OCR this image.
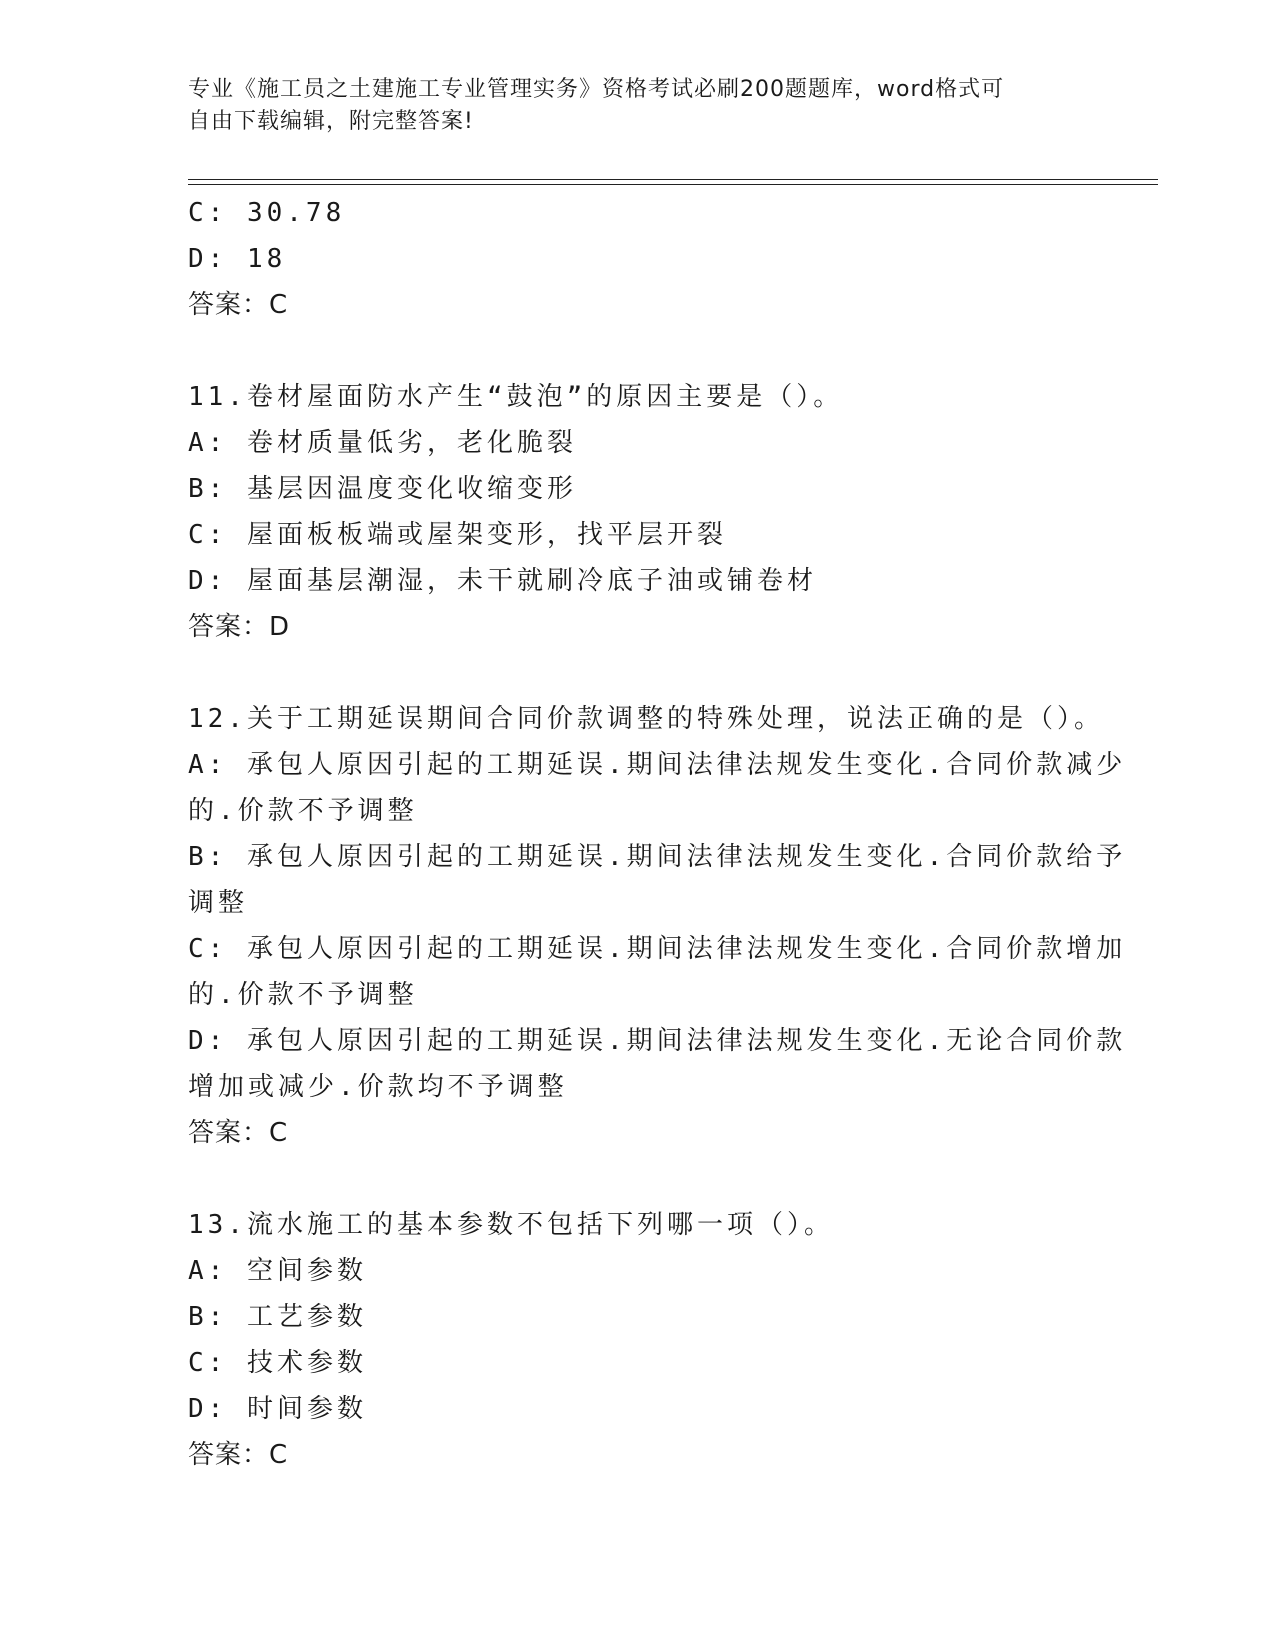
专业《施工员之土建施工专业管理实务》资格考试必刷200题题库，word格式可
自由下载编辑，附完整答案!
C: 30.78
D: 18
答案：C
11.卷材屋面防水产生“鼓泡”的原因主要是（）。
A: 卷材质量低劣，老化脆裂
B: 基层因温度变化收缩变形
C: 屋面板板端或屋架变形，找平层开裂
D: 屋面基层潮湿，未干就刷冷底子油或铺卷材
答案：D
12.关于工期延误期间合同价款调整的特殊处理，说法正确的是（）。
A: 承包人原因引起的工期延误.期间法律法规发生变化.合同价款减少
的.价款不予调整
B: 承包人原因引起的工期延误.期间法律法规发生变化.合同价款给予
调整
C: 承包人原因引起的工期延误.期间法律法规发生变化.合同价款增加
的.价款不予调整
D: 承包人原因引起的工期延误.期间法律法规发生变化.无论合同价款
增加或减少.价款均不予调整
答案：C
13.流水施工的基本参数不包括下列哪一项（）。
A: 空间参数
B: 工艺参数
C: 技术参数
D: 时间参数
答案：C
